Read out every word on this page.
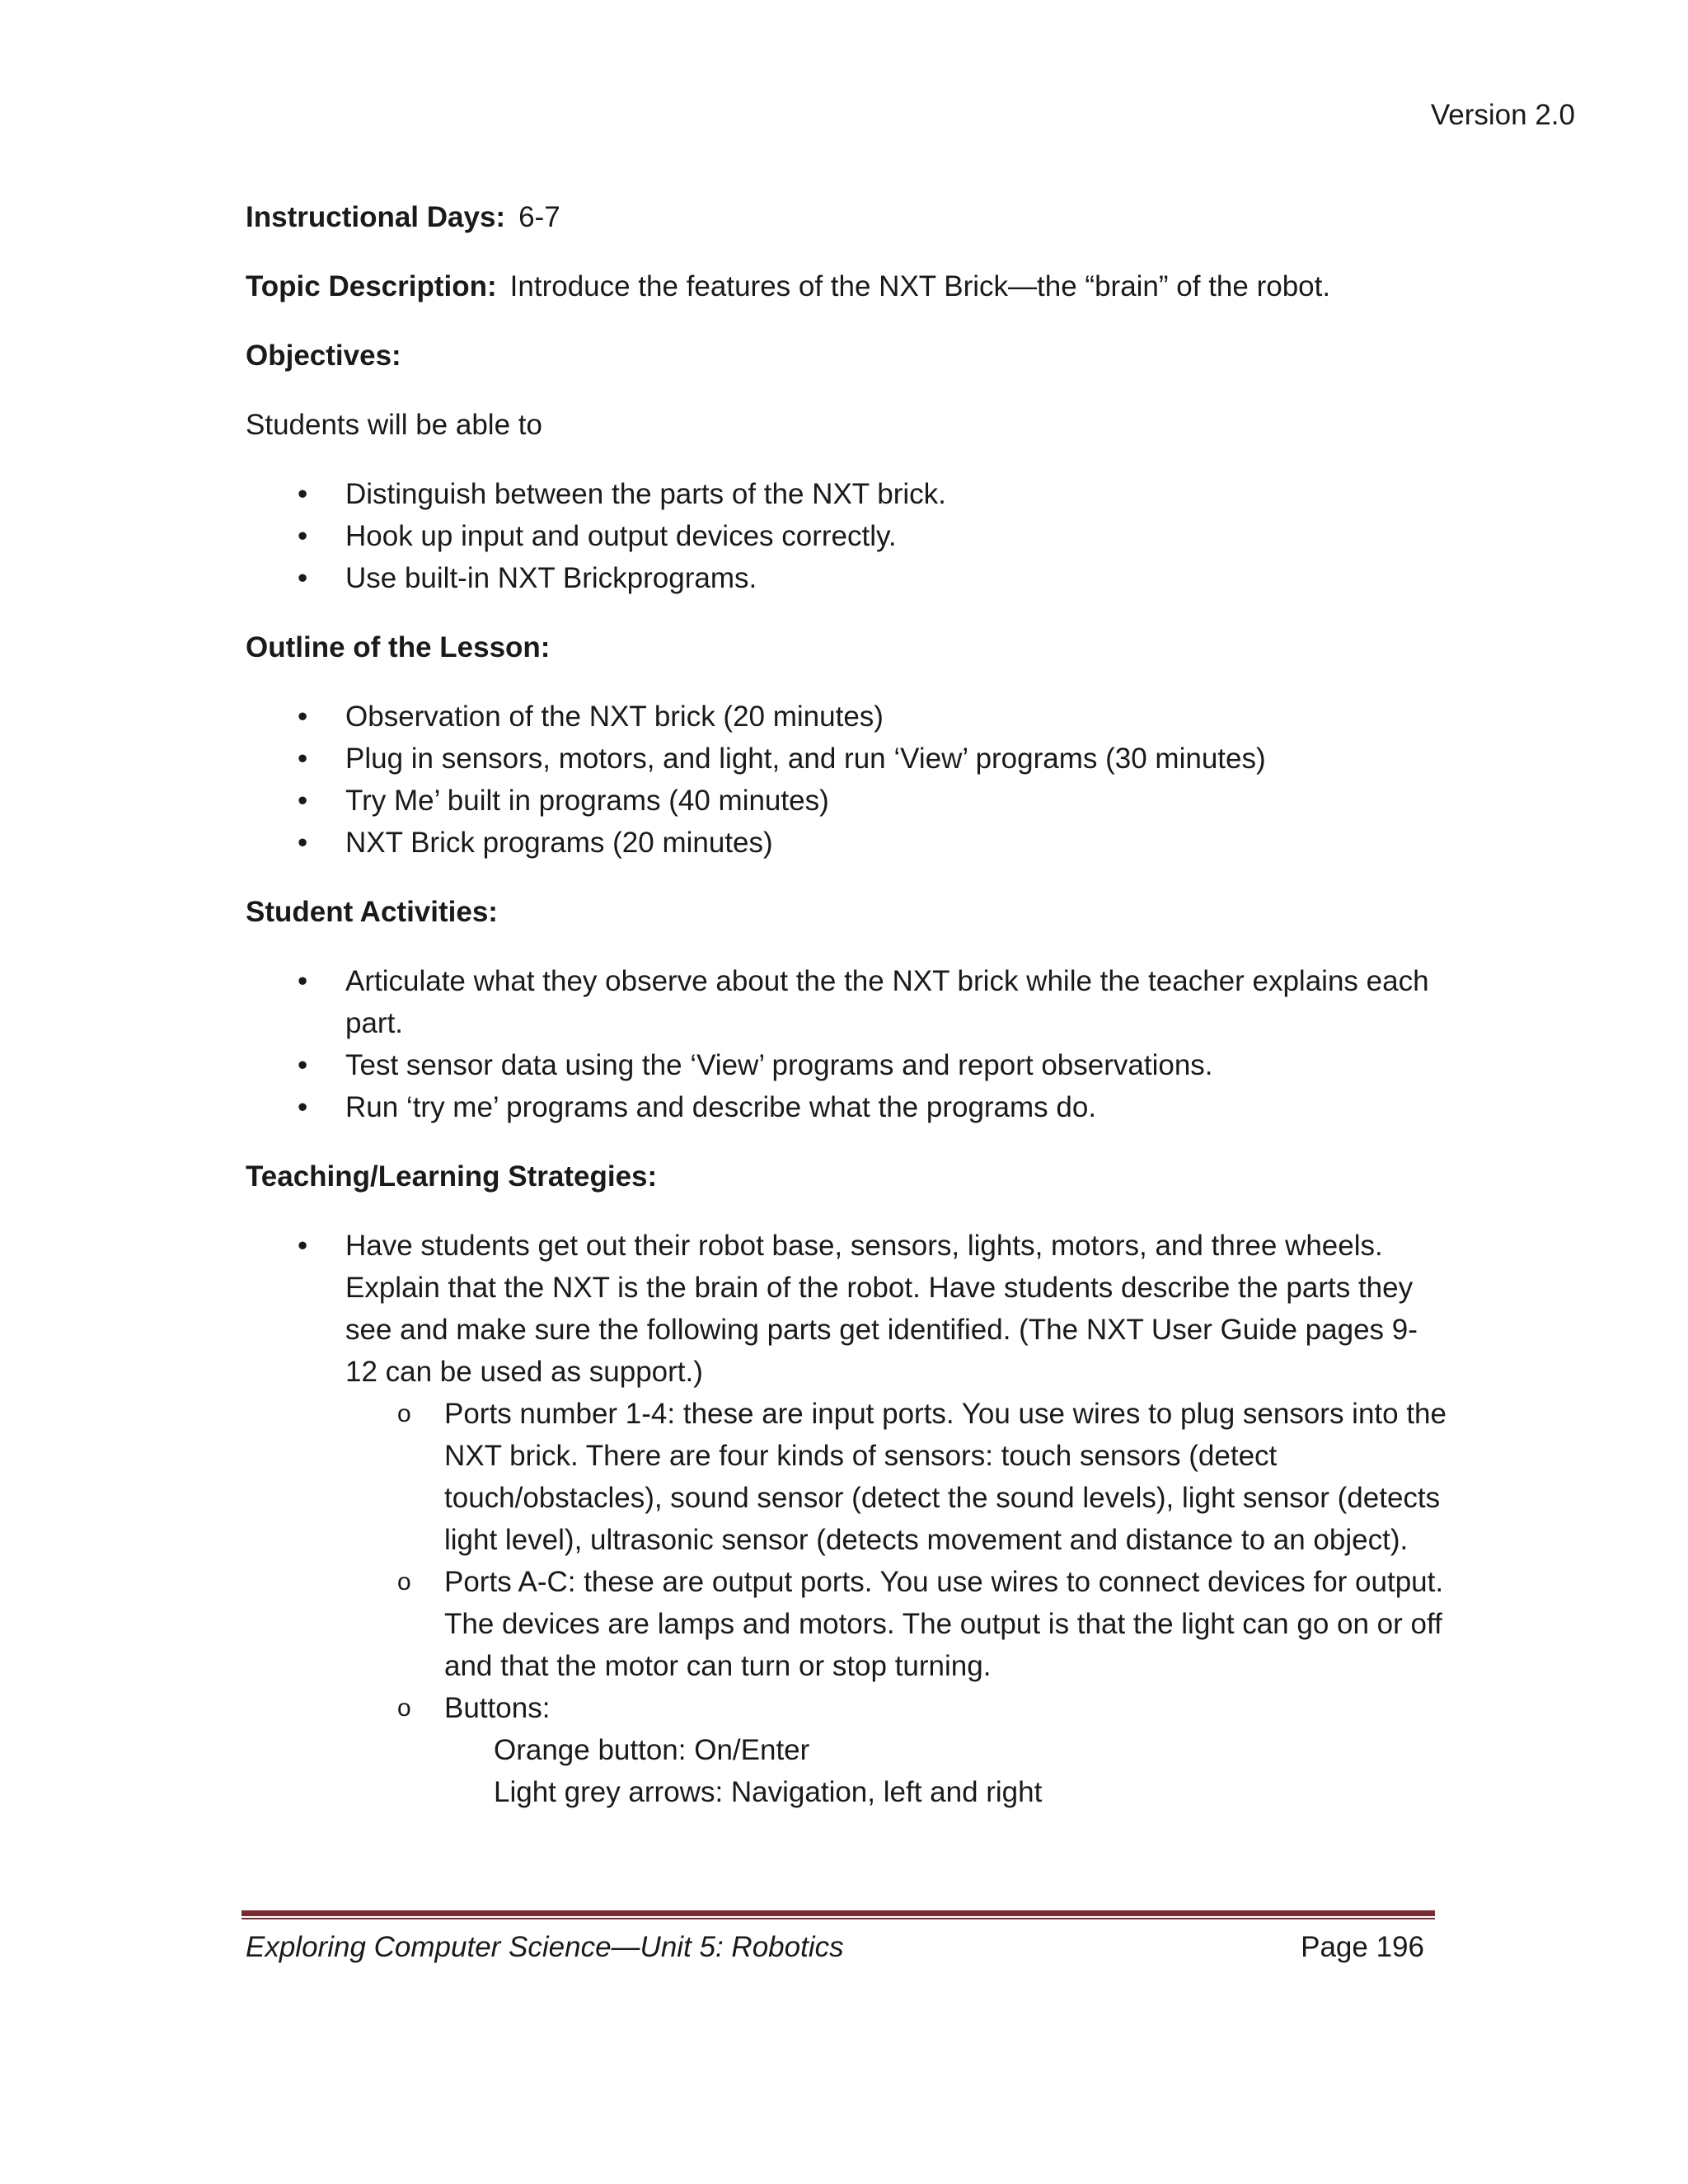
Version 2.0

Instructional Days: 6-7

Topic Description: Introduce the features of the NXT Brick—the “brain” of the robot.

Objectives:

Students will be able to

• Distinguish between the parts of the NXT brick.
• Hook up input and output devices correctly.
• Use built-in NXT Brickprograms.

Outline of the Lesson:

• Observation of the NXT brick (20 minutes)
• Plug in sensors, motors, and light, and run ‘View’ programs (30 minutes)
• Try Me’ built in programs (40 minutes)
• NXT Brick programs (20 minutes)

Student Activities:

• Articulate what they observe about the the NXT brick while the teacher explains each part.
• Test sensor data using the ‘View’ programs and report observations.
• Run ‘try me’ programs and describe what the programs do.

Teaching/Learning Strategies:

• Have students get out their robot base, sensors, lights, motors, and three wheels. Explain that the NXT is the brain of the robot. Have students describe the parts they see and make sure the following parts get identified. (The NXT User Guide pages 9-12 can be used as support.)
o Ports number 1-4: these are input ports. You use wires to plug sensors into the NXT brick. There are four kinds of sensors: touch sensors (detect touch/obstacles), sound sensor (detect the sound levels), light sensor (detects light level), ultrasonic sensor (detects movement and distance to an object).
o Ports A-C: these are output ports. You use wires to connect devices for output. The devices are lamps and motors. The output is that the light can go on or off and that the motor can turn or stop turning.
o Buttons:
Orange button: On/Enter
Light grey arrows: Navigation, left and right
Exploring Computer Science—Unit 5: Robotics	Page 196
